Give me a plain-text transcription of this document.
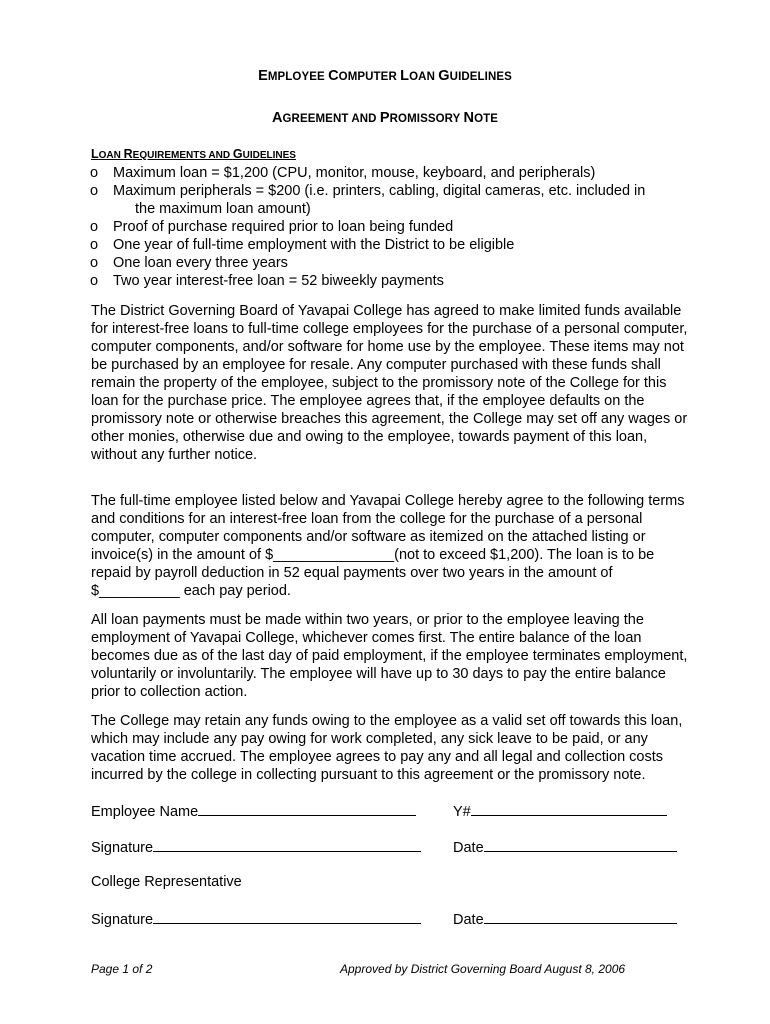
EMPLOYEE COMPUTER LOAN GUIDELINES
AGREEMENT AND PROMISSORY NOTE
LOAN REQUIREMENTS AND GUIDELINES
o Maximum loan = $1,200 (CPU, monitor, mouse, keyboard, and peripherals)
o Maximum peripherals = $200 (i.e. printers, cabling, digital cameras, etc. included in
the maximum loan amount)
o Proof of purchase required prior to loan being funded
o One year of full-time employment with the District to be eligible
o One loan every three years
o Two year interest-free loan = 52 biweekly payments

The District Governing Board of Yavapai College has agreed to make limited funds available for interest-free loans to full-time college employees for the purchase of a personal computer, computer components, and/or software for home use by the employee. These items may not be purchased by an employee for resale. Any computer purchased with these funds shall remain the property of the employee, subject to the promissory note of the College for this loan for the purchase price. The employee agrees that, if the employee defaults on the promissory note or otherwise breaches this agreement, the College may set off any wages or other monies, otherwise due and owing to the employee, towards payment of this loan, without any further notice.

The full-time employee listed below and Yavapai College hereby agree to the following terms and conditions for an interest-free loan from the college for the purchase of a personal computer, computer components and/or software as itemized on the attached listing or invoice(s) in the amount of $_______________(not to exceed $1,200). The loan is to be repaid by payroll deduction in 52 equal payments over two years in the amount of $__________ each pay period.

All loan payments must be made within two years, or prior to the employee leaving the employment of Yavapai College, whichever comes first. The entire balance of the loan becomes due as of the last day of paid employment, if the employee terminates employment, voluntarily or involuntarily. The employee will have up to 30 days to pay the entire balance prior to collection action.

The College may retain any funds owing to the employee as a valid set off towards this loan, which may include any pay owing for work completed, any sick leave to be paid, or any vacation time accrued. The employee agrees to pay any and all legal and collection costs incurred by the college in collecting pursuant to this agreement or the promissory note.

Employee Name	Y#
Signature	Date
College Representative
Signature	Date
Page 1 of 2	Approved by District Governing Board August 8, 2006
